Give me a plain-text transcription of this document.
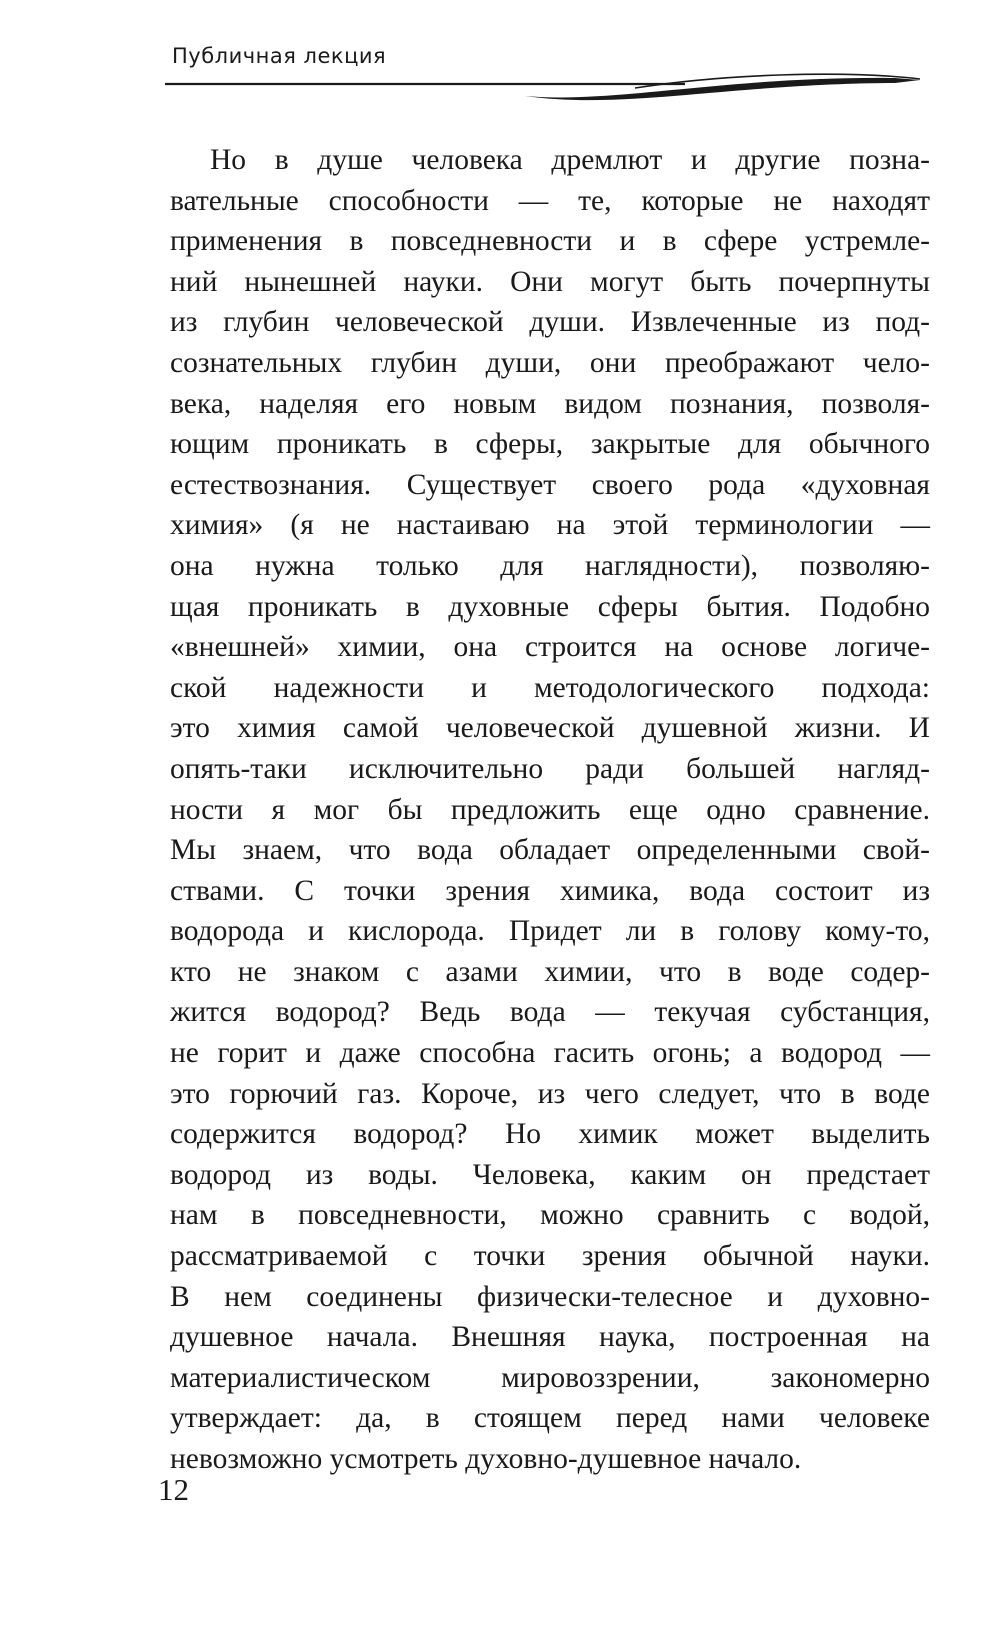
Публичная лекция
Но в душе человека дремлют и другие позна-
вательные способности — те, которые не находят
применения в повседневности и в сфере устремле-
ний нынешней науки. Они могут быть почерпнуты
из глубин человеческой души. Извлеченные из под-
сознательных глубин души, они преображают чело-
века, наделяя его новым видом познания, позволя-
ющим проникать в сферы, закрытые для обычного
естествознания. Существует своего рода «духовная
химия» (я не настаиваю на этой терминологии —
она нужна только для наглядности), позволяю-
щая проникать в духовные сферы бытия. Подобно
«внешней» химии, она строится на основе логиче-
ской надежности и методологического подхода:
это химия самой человеческой душевной жизни. И
опять-таки исключительно ради большей нагляд-
ности я мог бы предложить еще одно сравнение.
Мы знаем, что вода обладает определенными свой-
ствами. С точки зрения химика, вода состоит из
водорода и кислорода. Придет ли в голову кому-то,
кто не знаком с азами химии, что в воде содер-
жится водород? Ведь вода — текучая субстанция,
не горит и даже способна гасить огонь; а водород —
это горючий газ. Короче, из чего следует, что в воде
содержится водород? Но химик может выделить
водород из воды. Человека, каким он предстает
нам в повседневности, можно сравнить с водой,
рассматриваемой с точки зрения обычной науки.
В нем соединены физически-телесное и духовно-
душевное начала. Внешняя наука, построенная на
материалистическом мировоззрении, закономерно
утверждает: да, в стоящем перед нами человеке
невозможно усмотреть духовно-душевное начало.
12
